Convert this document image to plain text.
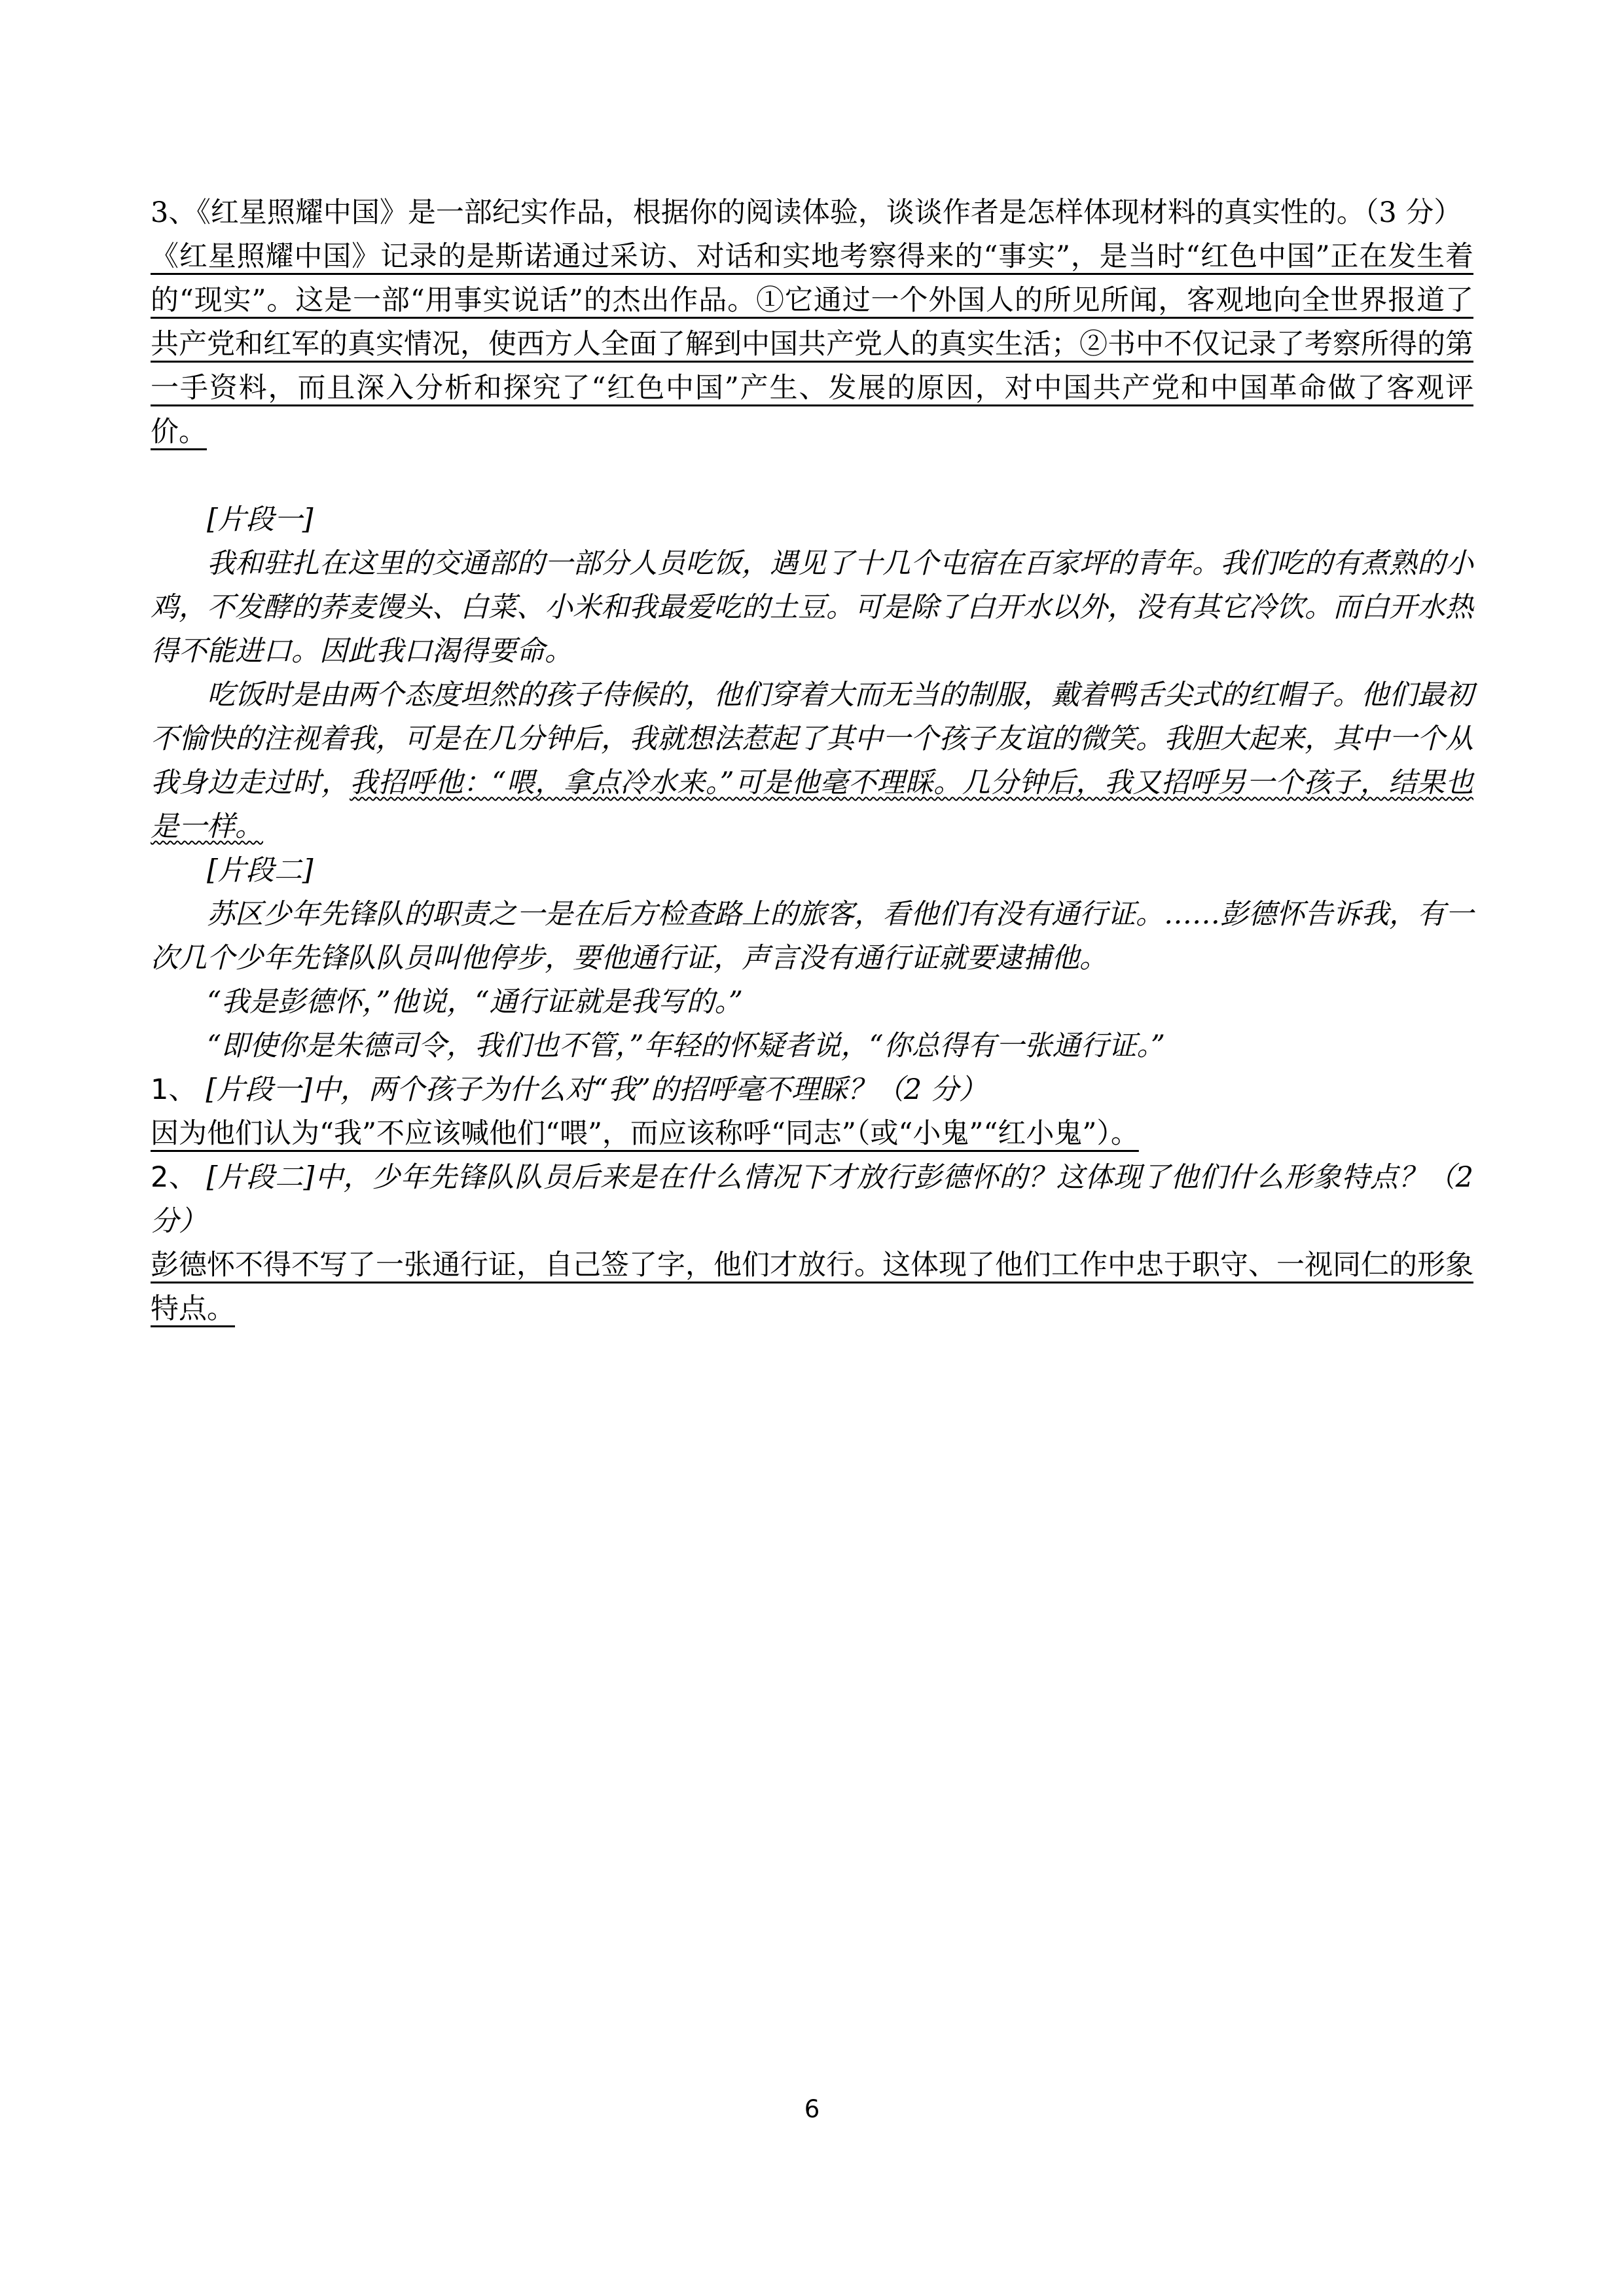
3、《红星照耀中国》是一部纪实作品，根据你的阅读体验，谈谈作者是怎样体现材料的真实性的。（3 分）

《红星照耀中国》记录的是斯诺通过采访、对话和实地考察得来的“事实”，是当时“红色中国”正在发生着的“现实”。这是一部“用事实说话”的杰出作品。①它通过一个外国人的所见所闻，客观地向全世界报道了共产党和红军的真实情况，使西方人全面了解到中国共产党人的真实生活；②书中不仅记录了考察所得的第一手资料，而且深入分析和探究了“红色中国”产生、发展的原因，对中国共产党和中国革命做了客观评价。

[片段一]

我和驻扎在这里的交通部的一部分人员吃饭，遇见了十几个屯宿在百家坪的青年。我们吃的有煮熟的小鸡，不发酵的荞麦馒头、白菜、小米和我最爱吃的土豆。可是除了白开水以外，没有其它冷饮。而白开水热得不能进口。因此我口渴得要命。

吃饭时是由两个态度坦然的孩子侍候的，他们穿着大而无当的制服，戴着鸭舌尖式的红帽子。他们最初不愉快的注视着我，可是在几分钟后，我就想法惹起了其中一个孩子友谊的微笑。我胆大起来，其中一个从我身边走过时，我招呼他：“喂，拿点冷水来。”可是他毫不理睬。几分钟后，我又招呼另一个孩子，结果也是一样。

[片段二]

苏区少年先锋队的职责之一是在后方检查路上的旅客，看他们有没有通行证。……彭德怀告诉我，有一次几个少年先锋队队员叫他停步，要他通行证，声言没有通行证就要逮捕他。

“我是彭德怀，”他说，“通行证就是我写的。”

“即使你是朱德司令，我们也不管，”年轻的怀疑者说，“你总得有一张通行证。”

1、 [片段一]中，两个孩子为什么对“我”的招呼毫不理睬？（2 分）

因为他们认为“我”不应该喊他们“喂”，而应该称呼“同志”（或“小鬼”“红小鬼”）。

2、 [片段二]中，少年先锋队队员后来是在什么情况下才放行彭德怀的？这体现了他们什么形象特点？（2 分）

彭德怀不得不写了一张通行证，自己签了字，他们才放行。这体现了他们工作中忠于职守、一视同仁的形象特点。

6
